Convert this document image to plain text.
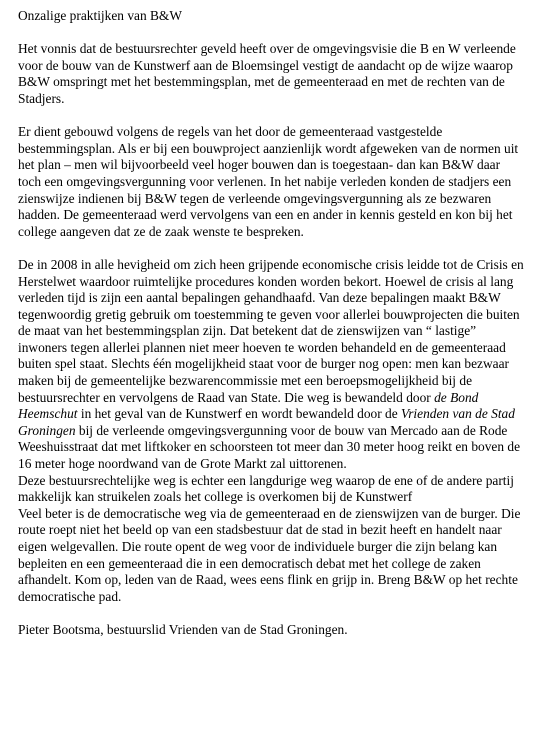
Onzalige praktijken van B&W

Het vonnis dat de bestuursrechter geveld heeft over de omgevingsvisie die B en W verleende
voor de bouw van de Kunstwerf aan de Bloemsingel vestigt de aandacht op de wijze waarop
B&W omspringt met het bestemmingsplan, met de gemeenteraad en met de rechten van de
Stadjers.

Er dient gebouwd volgens de regels van het door de gemeenteraad vastgestelde
bestemmingsplan. Als er bij een bouwproject aanzienlijk wordt afgeweken van de normen uit
het plan – men wil bijvoorbeeld veel hoger bouwen dan is toegestaan- dan kan B&W daar
toch een omgevingsvergunning voor verlenen. In het nabije verleden konden de stadjers een
zienswijze indienen bij B&W tegen de verleende omgevingsvergunning als ze bezwaren
hadden. De gemeenteraad werd vervolgens van een en ander in kennis gesteld en kon bij het
college aangeven dat ze de zaak wenste te bespreken.

De in 2008 in alle hevigheid om zich heen grijpende economische crisis leidde tot de Crisis en
Herstelwet waardoor ruimtelijke procedures konden worden bekort. Hoewel de crisis al lang
verleden tijd is zijn een aantal bepalingen gehandhaafd. Van deze bepalingen maakt B&W
tegenwoordig gretig gebruik om toestemming te geven voor allerlei bouwprojecten die buiten
de maat van het bestemmingsplan zijn. Dat betekent dat de zienswijzen van “ lastige”
inwoners tegen allerlei plannen niet meer hoeven te worden behandeld en de gemeenteraad
buiten spel staat. Slechts één mogelijkheid staat voor de burger nog open: men kan bezwaar
maken bij de gemeentelijke bezwarencommissie met een beroepsmogelijkheid bij de
bestuursrechter en vervolgens de Raad van State. Die weg is bewandeld door de Bond
Heemschut in het geval van de Kunstwerf en wordt bewandeld door de Vrienden van de Stad
Groningen bij de verleende omgevingsvergunning voor de bouw van Mercado aan de Rode
Weeshuisstraat dat met liftkoker en schoorsteen tot meer dan 30 meter hoog reikt en boven de
16 meter hoge noordwand van de Grote Markt zal uittorenen.
Deze bestuursrechtelijke weg is echter een langdurige weg waarop de ene of de andere partij
makkelijk kan struikelen zoals het college is overkomen bij de Kunstwerf
Veel beter is de democratische weg via de gemeenteraad en de zienswijzen van de burger. Die
route roept niet het beeld op van een stadsbestuur dat de stad in bezit heeft en handelt naar
eigen welgevallen. Die route opent de weg voor de individuele burger die zijn belang kan
bepleiten en een gemeenteraad die in een democratisch debat met het college de zaken
afhandelt. Kom op, leden van de Raad, wees eens flink en grijp in. Breng B&W op het rechte
democratische pad.

Pieter Bootsma, bestuurslid Vrienden van de Stad Groningen.
